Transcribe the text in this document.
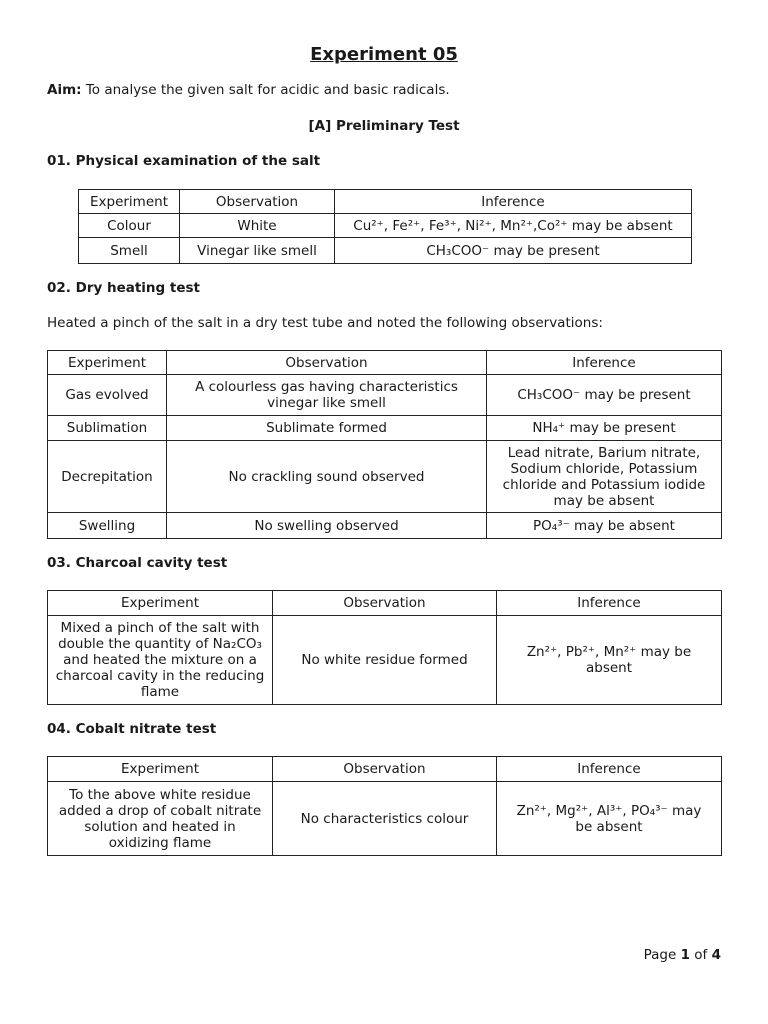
Experiment 05
Aim: To analyse the given salt for acidic and basic radicals.
[A] Preliminary Test
01. Physical examination of the salt
Experiment	Observation	Inference
Colour	White	Cu²⁺, Fe²⁺, Fe³⁺, Ni²⁺, Mn²⁺,Co²⁺ may be absent
Smell	Vinegar like smell	CH₃COO⁻ may be present
02. Dry heating test
Heated a pinch of the salt in a dry test tube and noted the following observations:
Experiment	Observation	Inference
Gas evolved	A colourless gas having characteristics vinegar like smell	CH₃COO⁻ may be present
Sublimation	Sublimate formed	NH₄⁺ may be present
Decrepitation	No crackling sound observed	Lead nitrate, Barium nitrate, Sodium chloride, Potassium chloride and Potassium iodide may be absent
Swelling	No swelling observed	PO₄³⁻ may be absent
03. Charcoal cavity test
Experiment	Observation	Inference
Mixed a pinch of the salt with double the quantity of Na₂CO₃ and heated the mixture on a charcoal cavity in the reducing flame	No white residue formed	Zn²⁺, Pb²⁺, Mn²⁺ may be absent
04. Cobalt nitrate test
Experiment	Observation	Inference
To the above white residue added a drop of cobalt nitrate solution and heated in oxidizing flame	No characteristics colour	Zn²⁺, Mg²⁺, Al³⁺, PO₄³⁻ may be absent
Page 1 of 4
